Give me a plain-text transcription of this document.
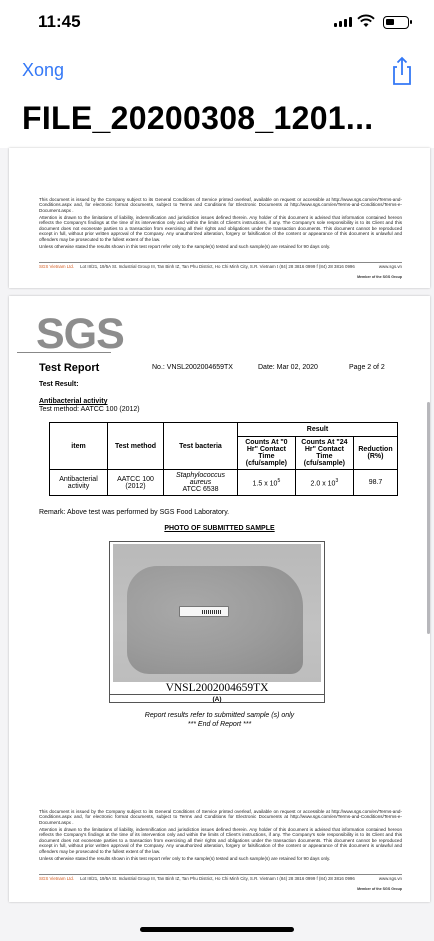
11:45
Xong
FILE_20200308_1201...

This document is issued by the Company subject to its General Conditions of Service printed overleaf, available on request or accessible at http://www.sgs.com/en/Terms-and-Conditions.aspx and, for electronic format documents, subject to Terms and Conditions for Electronic Documents at http://www.sgs.com/en/Terms-and-Conditions/Terms-e-Document.aspx .

Attention is drawn to the limitations of liability, indemnification and jurisdiction issues defined therein. Any holder of this document is advised that information contained hereon reflects the Company's findings at the time of its intervention only and within the limits of Client's instructions, if any. The Company's sole responsibility is to its Client and this document does not exonerate parties to a transaction from exercising all their rights and obligations under the transaction documents. This document cannot be reproduced except in full, without prior written approval of the Company. Any unauthorized alteration, forgery or falsification of the content or appearance of this document is unlawful and offenders may be prosecuted to the fullest extent of the law.

Unless otherwise stated the results shown in this test report refer only to the sample(s) tested and such sample(s) are retained for 90 days only.

SGS Vietnam Ltd. Lot III/21, 19/5A St. Industrial Group III, Tan Binh IZ, Tan Phu District, Ho Chi Minh City, S.R. Vietnam t (84) 28 3816 0999 f (84) 28 3816 0996	www.sgs.vn
Member of the SGS Group
SGS
Test Report	No.: VNSL2002004659TX	Date: Mar 02, 2020	Page 2 of 2
Test Result:
Antibacterial activity
Test method: AATCC 100 (2012)
item	Test method	Test bacteria	Result		
			Counts At "0 Hr" Contact Time (cfu/sample)	Counts At "24 Hr" Contact Time (cfu/sample)	Reduction (R%)
Antibacterial activity	AATCC 100 (2012)	Staphylococcus aureus
ATCC 6538	1.5 x $10^5$	2.0 x $10^3$	98.7
Remark: Above test was performed by SGS Food Laboratory.
PHOTO OF SUBMITTED SAMPLE
VNSL2002004659TX
(A)
Report results refer to submitted sample (s) only
*** End of Report ***

This document is issued by the Company subject to its General Conditions of Service printed overleaf, available on request or accessible at http://www.sgs.com/en/Terms-and-Conditions.aspx and, for electronic format documents, subject to Terms and Conditions for Electronic Documents at http://www.sgs.com/en/Terms-and-Conditions/Terms-e-Document.aspx .

Attention is drawn to the limitations of liability, indemnification and jurisdiction issues defined therein. Any holder of this document is advised that information contained hereon reflects the Company's findings at the time of its intervention only and within the limits of Client's instructions, if any. The Company's sole responsibility is to its Client and this document does not exonerate parties to a transaction from exercising all their rights and obligations under the transaction documents. This document cannot be reproduced except in full, without prior written approval of the Company. Any unauthorized alteration, forgery or falsification of the content or appearance of this document is unlawful and offenders may be prosecuted to the fullest extent of the law.

Unless otherwise stated the results shown in this test report refer only to the sample(s) tested and such sample(s) are retained for 90 days only.

SGS Vietnam Ltd. Lot III/21, 19/5A St. Industrial Group III, Tan Binh IZ, Tan Phu District, Ho Chi Minh City, S.R. Vietnam t (84) 28 3816 0999 f (84) 28 3816 0996	www.sgs.vn
Member of the SGS Group
